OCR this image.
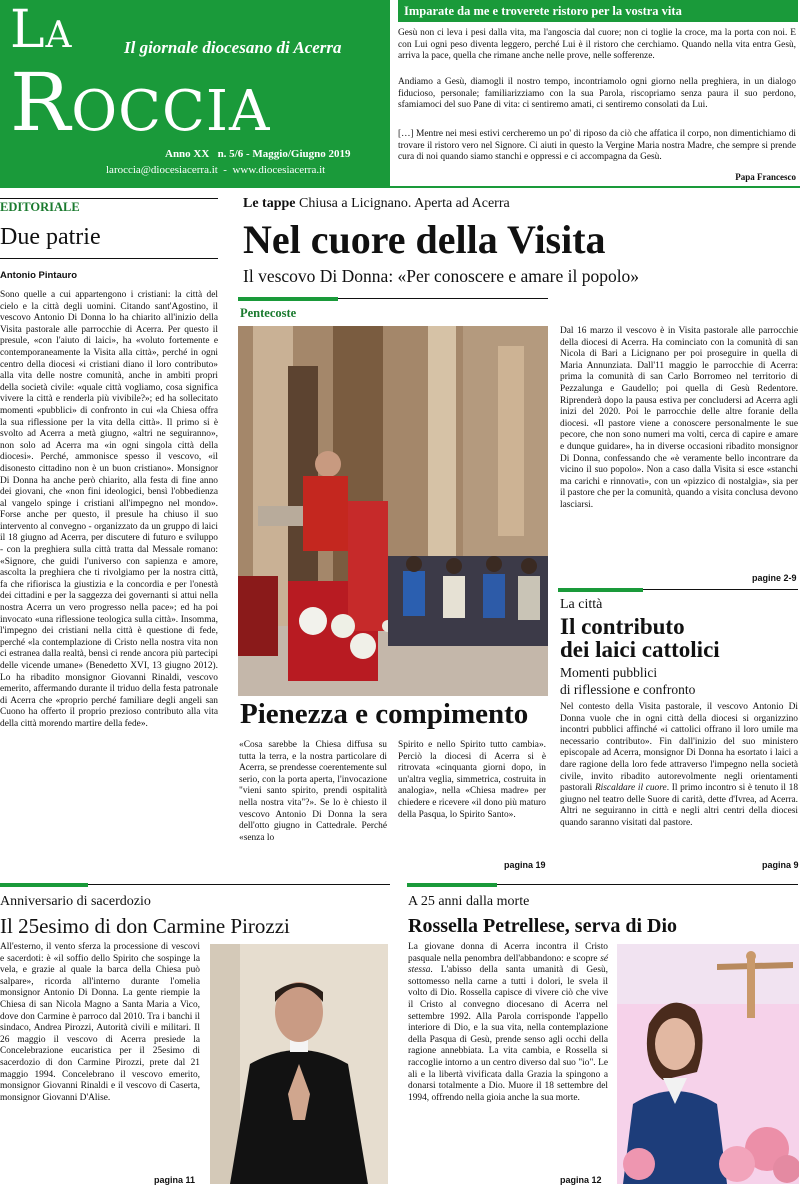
La
Roccia
Il giornale diocesano di Acerra
Anno XX   n. 5/6 - Maggio/Giugno 2019
laroccia@diocesiacerra.it  -  www.diocesiacerra.it
Imparate da me e troverete ristoro per la vostra vita
Gesù non ci leva i pesi dalla vita, ma l'angoscia dal cuore; non ci toglie la croce, ma la porta con noi. E con Lui ogni peso diventa leggero, perché Lui è il ristoro che cerchiamo. Quando nella vita entra Gesù, arriva la pace, quella che rimane anche nelle prove, nelle sofferenze.
Andiamo a Gesù, diamogli il nostro tempo, incontriamolo ogni giorno nella preghiera, in un dialogo fiducioso, personale; familiarizziamo con la sua Parola, riscopriamo senza paura il suo perdono, sfamiamoci del suo Pane di vita: ci sentiremo amati, ci sentiremo consolati da Lui.
[…] Mentre nei mesi estivi cercheremo un po' di riposo da ciò che affatica il corpo, non dimentichiamo di trovare il ristoro vero nel Signore. Ci aiuti in questo la Vergine Maria nostra Madre, che sempre si prende cura di noi quando siamo stanchi e oppressi e ci accompagna da Gesù.
Papa Francesco
EDITORIALE
Due patrie
Antonio Pintauro
Sono quelle a cui appartengono i cristiani: la città del cielo e la città degli uomini. Citando sant'Agostino, il vescovo Antonio Di Donna lo ha chiarito all'inizio della Visita pastorale alle parrocchie di Acerra. Per questo il presule, «con l'aiuto di laici», ha «voluto fortemente e contemporaneamente la Visita alla città», perché in ogni centro della diocesi «i cristiani diano il loro contributo» alla vita delle nostre comunità, anche in ambiti propri della società civile: «quale città vogliamo, cosa significa vivere la città e renderla più vivibile?»; ed ha sollecitato momenti «pubblici» di confronto in cui «la Chiesa offra la sua riflessione per la vita della città». Il primo si è svolto ad Acerra a metà giugno, «altri ne seguiranno», non solo ad Acerra ma «in ogni singola città della diocesi». Perché, ammonisce spesso il vescovo, «il disonesto cittadino non è un buon cristiano». Monsignor Di Donna ha anche però chiarito, alla festa di fine anno dei giovani, che «non fini ideologici, bensì l'obbedienza al vangelo spinge i cristiani all'impegno nel mondo». Forse anche per questo, il presule ha chiuso il suo intervento al convegno - organizzato da un gruppo di laici il 18 giugno ad Acerra, per discutere di futuro e sviluppo - con la preghiera sulla città tratta dal Messale romano: «Signore, che guidi l'universo con sapienza e amore, ascolta la preghiera che ti rivolgiamo per la nostra città, fa che rifiorisca la giustizia e la concordia e per l'onestà dei cittadini e per la saggezza dei governanti si attui nella nostra Acerra un vero progresso nella pace»; ed ha poi invocato «una riflessione teologica sulla città». Insomma, l'impegno dei cristiani nella città è questione di fede, perché «la contemplazione di Cristo nella nostra vita non ci estranea dalla realtà, bensì ci rende ancora più partecipi delle vicende umane» (Benedetto XVI, 13 giugno 2012). Lo ha ribadito monsignor Giovanni Rinaldi, vescovo emerito, affermando durante il triduo della festa patronale di Acerra che «proprio perché familiare degli angeli san Cuono ha offerto il proprio prezioso contributo alla vita della città morendo martire della fede».
Le tappe Chiusa a Licignano. Aperta ad Acerra
Nel cuore della Visita
Il vescovo Di Donna: «Per conoscere e amare il popolo»
Pentecoste
Pienezza e compimento
«Cosa sarebbe la Chiesa diffusa su tutta la terra, e la nostra particolare di Acerra, se prendesse coerentemente sul serio, con la porta aperta, l'invocazione "vieni santo spirito, prendi ospitalità nella nostra vita"?». Se lo è chiesto il vescovo Antonio Di Donna la sera dell'otto giugno in Cattedrale. Perché «senza lo
Spirito e nello Spirito tutto cambia». Perciò la diocesi di Acerra si è ritrovata «cinquanta giorni dopo, in un'altra veglia, simmetrica, costruita in analogia», nella «Chiesa madre» per chiedere e ricevere «il dono più maturo della Pasqua, lo Spirito Santo».
pagina 19
Dal 16 marzo il vescovo è in Visita pastorale alle parrocchie della diocesi di Acerra. Ha cominciato con la comunità di san Nicola di Bari a Licignano per poi proseguire in quella di Maria Annunziata. Dall'11 maggio le parrocchie di Acerra: prima la comunità di san Carlo Borromeo nel territorio di Pezzalunga e Gaudello; poi quella di Gesù Redentore. Riprenderà dopo la pausa estiva per concludersi ad Acerra agli inizi del 2020. Poi le parrocchie delle altre foranie della diocesi. «Il pastore viene a conoscere personalmente le sue pecore, che non sono numeri ma volti, cerca di capire e amare e dunque guidare», ha in diverse occasioni ribadito monsignor Di Donna, confessando che «è veramente bello incontrare da vicino il suo popolo». Non a caso dalla Visita si esce «stanchi ma carichi e rinnovati», con un «pizzico di nostalgia», sia per il pastore che per la comunità, quando a visita conclusa devono lasciarsi.
pagine 2-9
La città
Il contributo
dei laici cattolici
Momenti pubblici
di riflessione e confronto
Nel contesto della Visita pastorale, il vescovo Antonio Di Donna vuole che in ogni città della diocesi si organizzino incontri pubblici affinché «i cattolici offrano il loro umile ma necessario contributo». Fin dall'inizio del suo ministero episcopale ad Acerra, monsignor Di Donna ha esortato i laici a dare ragione della loro fede attraverso l'impegno nella società civile, invito ribadito autorevolmente negli orientamenti pastorali Riscaldare il cuore. Il primo incontro si è tenuto il 18 giugno nel teatro delle Suore di carità, dette d'Ivrea, ad Acerra. Altri ne seguiranno in città e negli altri centri della diocesi quando saranno visitati dal pastore.
pagina 9
Anniversario di sacerdozio
Il 25esimo di don Carmine Pirozzi
All'esterno, il vento sferza la processione di vescovi e sacerdoti: è «il soffio dello Spirito che sospinge la vela, e grazie al quale la barca della Chiesa può salpare», ricorda all'interno durante l'omelia monsignor Antonio Di Donna. La gente riempie la Chiesa di san Nicola Magno a Santa Maria a Vico, dove don Carmine è parroco dal 2010. Tra i banchi il sindaco, Andrea Pirozzi, Autorità civili e militari. Il 26 maggio il vescovo di Acerra presiede la Concelebrazione eucaristica per il 25esimo di sacerdozio di don Carmine Pirozzi, prete dal 21 maggio 1994. Concelebrano il vescovo emerito, monsignor Giovanni Rinaldi e il vescovo di Caserta, monsignor Giovanni D'Alise.
pagina 11
A 25 anni dalla morte
Rossella Petrellese, serva di Dio
La giovane donna di Acerra incontra il Cristo pasquale nella penombra dell'abbandono: e scopre sé stessa. L'abisso della santa umanità di Gesù, sottomesso nella carne a tutti i dolori, le svela il volto di Dio. Rossella capisce di vivere ciò che vive il Cristo al convegno diocesano di Acerra nel settembre 1992. Alla Parola corrisponde l'appello interiore di Dio, e la sua vita, nella contemplazione della Pasqua di Gesù, prende senso agli occhi della ragione annebbiata. La vita cambia, e Rossella si raccoglie intorno a un centro diverso dal suo "io". Le ali e la libertà vivificata dalla Grazia la spingono a donarsi totalmente a Dio. Muore il 18 settembre del 1994, offrendo nella gioia anche la sua morte.
pagina 12
